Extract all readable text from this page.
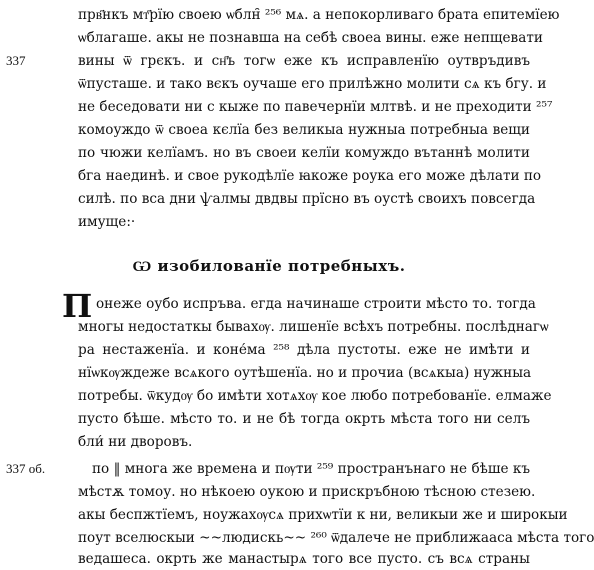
337
прв҃нкъ мт҃рїю своею ѡблн̑ ²⁵⁶ мѧ. а непокорливаго брата епитемїею
ѡблагаше. акы не познавша на себѣ своеа вины. еже непщевати
вины ѿ грєкъ. и сн҃ъ тогѡ еже къ исправленїю оутвръдивъ
ѿпусташе. и тако вєкъ оучаше его прилѣжно молити сѧ къ бгу. и
не беседовати ни с кыже по павечернїи млтвѣ. и не преходити ²⁵⁷
комоуждо ѿ своеа кєлїа без великыа нужныа потребныа вещи
по чюжи келїамъ. но въ своеи келїи комуждо вътаннѣ молити
бга наединѣ. и свое рукодѣлїе ꙗкоже роука его може дѣлати по
силѣ. по вса дни ѱалмы двдвы прїсно въ оустѣ своихъ повсегда
имуще:·
Ѡ изобилованїе потребныхъ.
П онеже оубо испръва. егда начинаше строити мѣсто то. тогда
многы недостаткы бывахѹ. лишенїе всѣхъ потребны. послѣднагѡ
ра нестаженїа. и коне́ма ²⁵⁸ дѣла пустоты. еже не имѣти и
нїѡкѹждеже всѧкого оутѣшенїа. но и прочиа (всѧкыа) нужныа
потребы. ѿкудѹ бо имѣти хотѧхѹ кое любо потребованїе. елмаже
пусто бѣше. мѣсто то. и не бѣ тогда окрть мѣста того ни селъ
бли́ ни дворовъ.
337 об.	по ‖ многа же времена и пѹти ²⁵⁹ пространънаго не бѣше къ
мѣстѫ томоу. но нѣкоею оукою и прискръбною тѣсною стезею.
акы беспжтїемъ, ноужахѹсѧ прихѡтїи к ни, великыи же и широкыи
поут вселюскыи ~~людискь~~ ²⁶⁰ ѿдалече не приближааса мѣста того
ведашеса. окрть же манастырѧ того все пусто. съ всѧ страны
